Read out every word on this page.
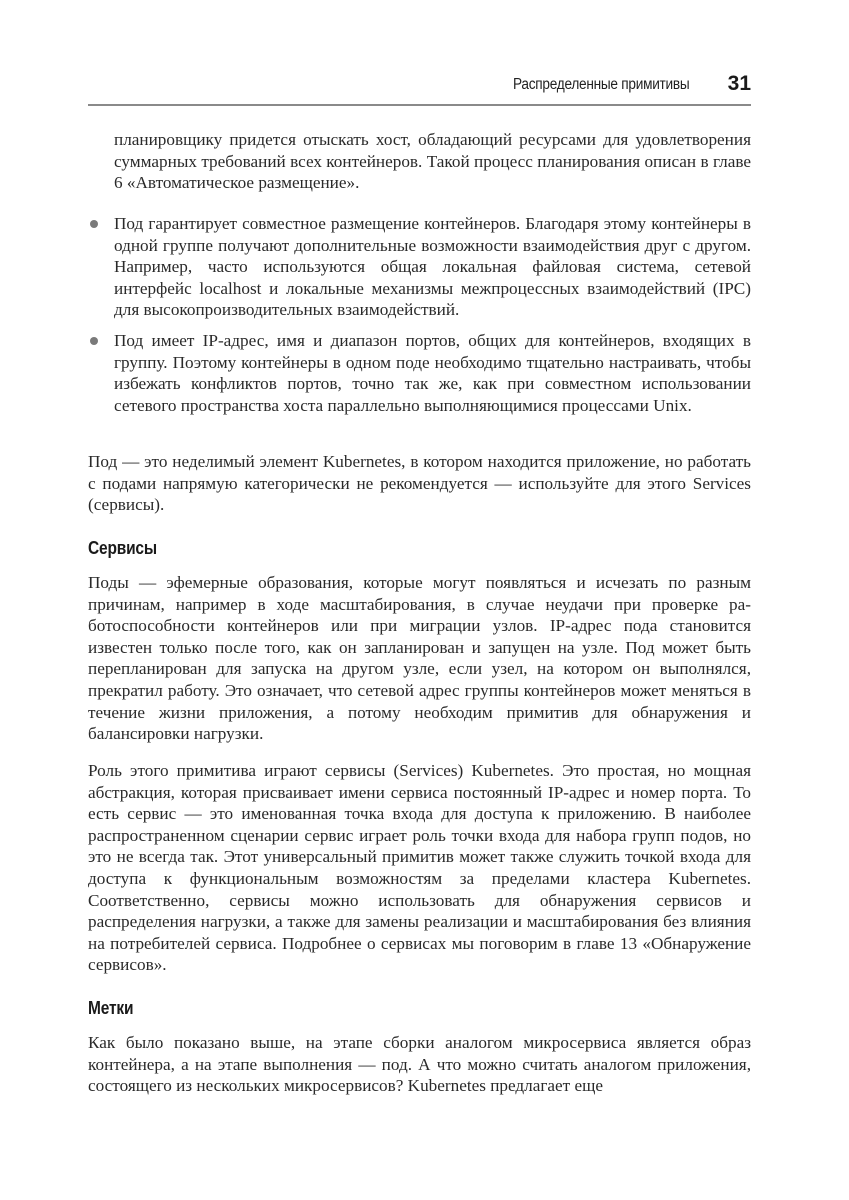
Распределенные примитивы 31

планировщику придется отыскать хост, обладающий ресурсами для удовлетворения суммарных требований всех контейнеров. Такой процесс планирования описан в главе 6 «Автоматическое размещение».

Под гарантирует совместное размещение контейнеров. Благодаря этому контейнеры в одной группе получают дополнительные возможности взаимодействия друг с другом. Например, часто используются общая локальная файловая система, сетевой интерфейс localhost и локальные механизмы межпроцессных взаимодействий (IPC) для высокопроизводительных взаимодействий.
Под имеет IP-адрес, имя и диапазон портов, общих для контейнеров, входящих в группу. Поэтому контейнеры в одном поде необходимо тщательно настраивать, чтобы избежать конфликтов портов, точно так же, как при совместном использовании сетевого пространства хоста параллельно выполняющимися процессами Unix.

Под — это неделимый элемент Kubernetes, в котором находится приложение, но работать с подами напрямую категорически не рекомендуется — используйте для этого Services (сервисы).

Сервисы

Поды — эфемерные образования, которые могут появляться и исчезать по разным причинам, например в ходе масштабирования, в случае неудачи при проверке работоспособности контейнеров или при миграции узлов. IP-адрес пода становится известен только после того, как он запланирован и запущен на узле. Под может быть перепланирован для запуска на другом узле, если узел, на котором он выполнялся, прекратил работу. Это означает, что сетевой адрес группы контейнеров может меняться в течение жизни приложения, а потому необходим примитив для обнаружения и балансировки нагрузки.

Роль этого примитива играют сервисы (Services) Kubernetes. Это простая, но мощная абстракция, которая присваивает имени сервиса постоянный IP-адрес и номер порта. То есть сервис — это именованная точка входа для доступа к приложению. В наиболее распространенном сценарии сервис играет роль точки входа для набора групп подов, но это не всегда так. Этот универсальный примитив может также служить точкой входа для доступа к функциональным возможностям за пределами кластера Kubernetes. Соответственно, сервисы можно использовать для обнаружения сервисов и распределения нагрузки, а также для замены реализации и масштабирования без влияния на потребителей сервиса. Подробнее о сервисах мы поговорим в главе 13 «Обнаружение сервисов».

Метки

Как было показано выше, на этапе сборки аналогом микросервиса является образ контейнера, а на этапе выполнения — под. А что можно считать аналогом приложения, состоящего из нескольких микросервисов? Kubernetes предлагает еще
